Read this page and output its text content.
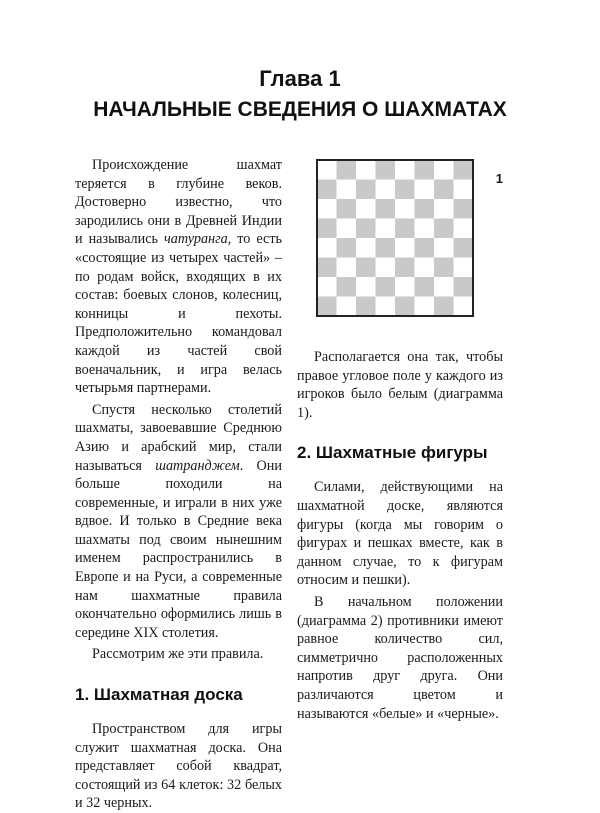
Глава 1
НАЧАЛЬНЫЕ СВЕДЕНИЯ О ШАХМАТАХ

Происхождение шахмат теряется в глубине веков. Достоверно известно, что зародились они в Древней Индии и назывались чатуранга, то есть «состоящие из четырех частей» – по родам войск, входящих в их состав: боевых слонов, колесниц, конницы и пехоты. Предположительно командовал каждой из частей свой военачальник, и игра велась четырьмя партнерами.

Спустя несколько столетий шахматы, завоевавшие Среднюю Азию и арабский мир, стали называться шатранджем. Они больше походили на современные, и играли в них уже вдвое. И только в Средние века шахматы под своим нынешним именем распространились в Европе и на Руси, а современные нам шахматные правила окончательно оформились лишь в середине XIX столетия.

Рассмотрим же эти правила.

1. Шахматная доска

Пространством для игры служит шахматная доска. Она представляет собой квадрат, состоящий из 64 клеток: 32 белых и 32 черных.

1

Располагается она так, чтобы правое угловое поле у каждого из игроков было белым (диаграмма 1).

2. Шахматные фигуры

Силами, действующими на шахматной доске, являются фигуры (когда мы говорим о фигурах и пешках вместе, как в данном случае, то к фигурам относим и пешки).

В начальном положении (диаграмма 2) противники имеют равное количество сил, симметрично расположенных напротив друг друга. Они различаются цветом и называются «белые» и «черные».
